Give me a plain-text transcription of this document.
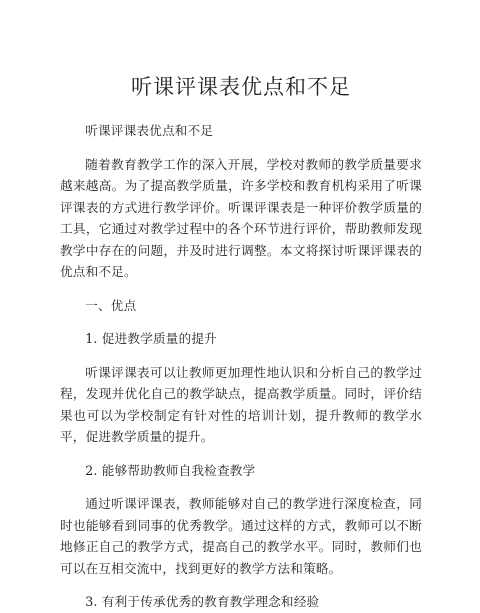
听课评课表优点和不足
听课评课表优点和不足
随着教育教学工作的深入开展，学校对教师的教学质量要求越来越高。为了提高教学质量，许多学校和教育机构采用了听课评课表的方式进行教学评价。听课评课表是一种评价教学质量的工具，它通过对教学过程中的各个环节进行评价，帮助教师发现教学中存在的问题，并及时进行调整。本文将探讨听课评课表的优点和不足。
一、优点
1. 促进教学质量的提升
听课评课表可以让教师更加理性地认识和分析自己的教学过程，发现并优化自己的教学缺点，提高教学质量。同时，评价结果也可以为学校制定有针对性的培训计划，提升教师的教学水平，促进教学质量的提升。
2. 能够帮助教师自我检查教学
通过听课评课表，教师能够对自己的教学进行深度检查，同时也能够看到同事的优秀教学。通过这样的方式，教师可以不断地修正自己的教学方式，提高自己的教学水平。同时，教师们也可以在互相交流中，找到更好的教学方法和策略。
3. 有利于传承优秀的教育教学理念和经验
